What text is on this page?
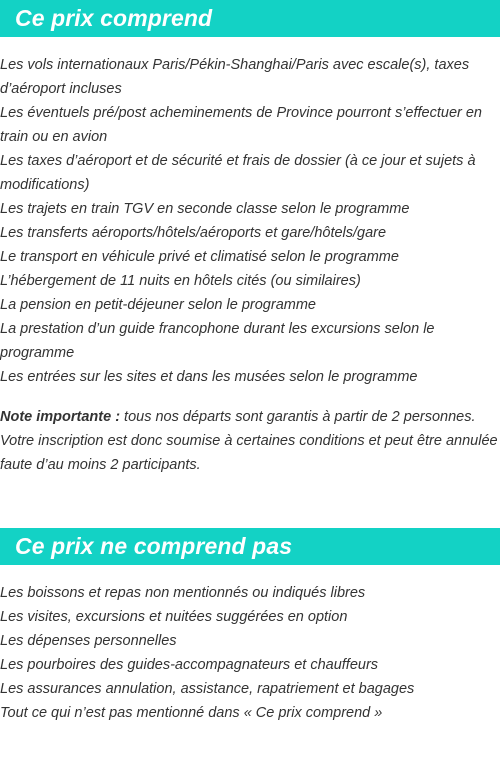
Ce prix comprend
Les vols internationaux Paris/Pékin-Shanghai/Paris avec escale(s), taxes d’aéroport incluses
Les éventuels pré/post acheminements de Province pourront s’effectuer en train ou en avion
Les taxes d’aéroport et de sécurité et frais de dossier (à ce jour et sujets à modifications)
Les trajets en train TGV en seconde classe selon le programme
Les transferts aéroports/hôtels/aéroports et gare/hôtels/gare
Le transport en véhicule privé et climatisé selon le programme
L’hébergement de 11 nuits en hôtels cités (ou similaires)
La pension en petit-déjeuner selon le programme
La prestation d’un guide francophone durant les excursions selon le programme
Les entrées sur les sites et dans les musées selon le programme

Note importante : tous nos départs sont garantis à partir de 2 personnes. Votre inscription est donc soumise à certaines conditions et peut être annulée faute d’au moins 2 participants.

Ce prix ne comprend pas
Les boissons et repas non mentionnés ou indiqués libres
Les visites, excursions et nuitées suggérées en option
Les dépenses personnelles
Les pourboires des guides-accompagnateurs et chauffeurs
Les assurances annulation, assistance, rapatriement et bagages
Tout ce qui n’est pas mentionné dans « Ce prix comprend »
